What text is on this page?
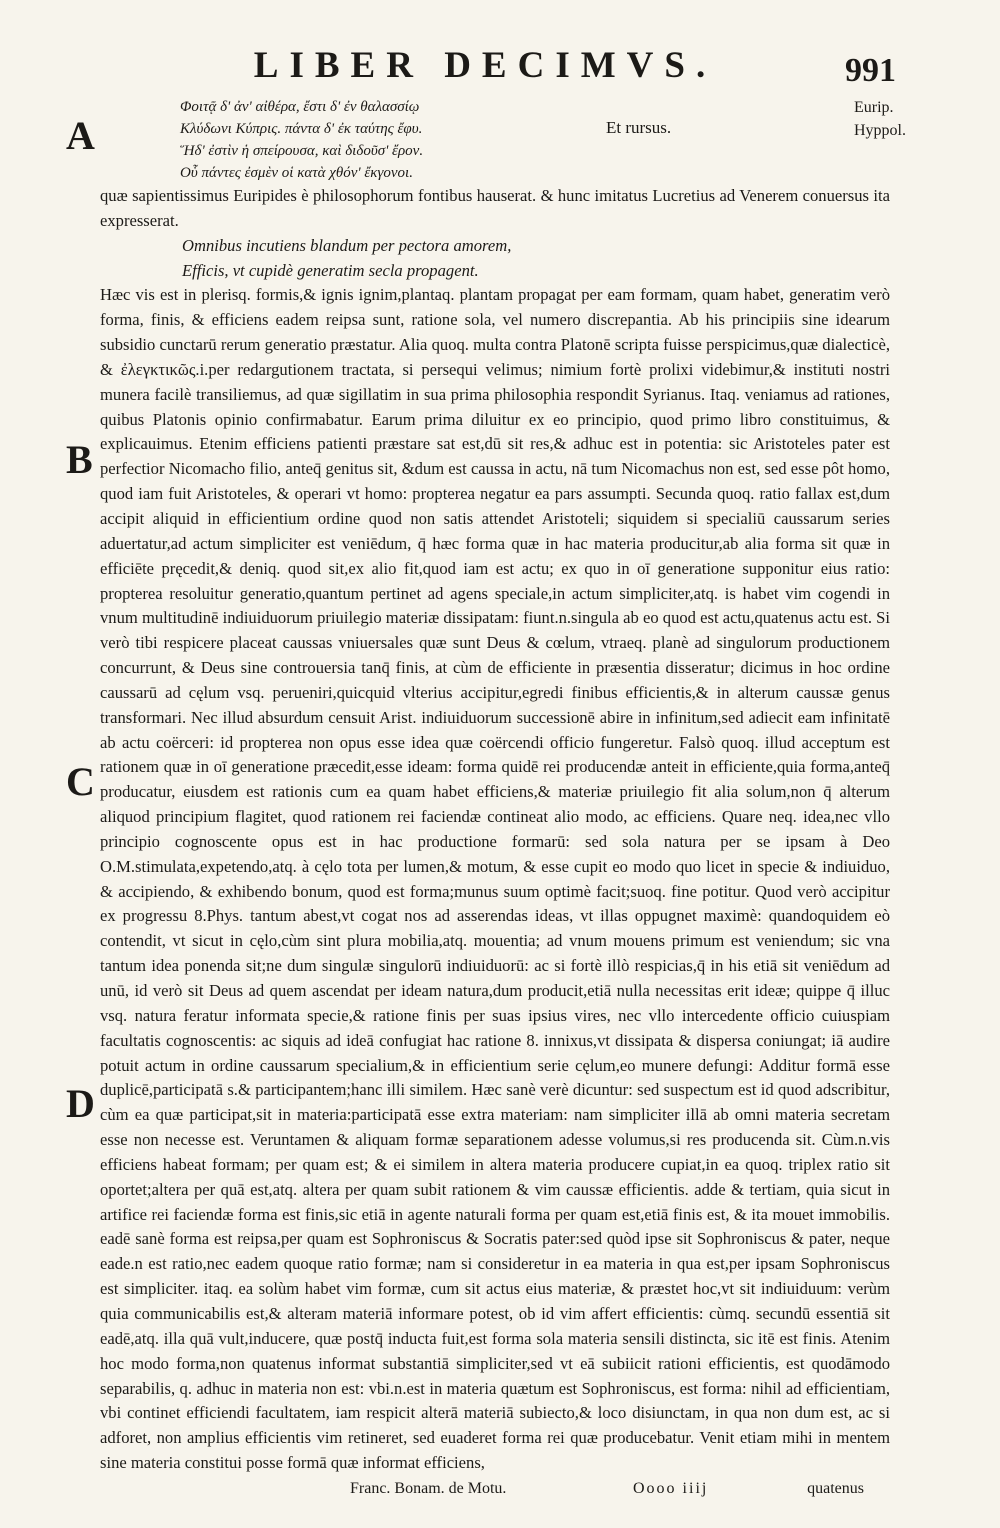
LIBER DECIMVS.	991
A
B
C
D
Eurip.
Hyppol.
Φοιτᾷ δ' ἀν' αἰθέρα, ἔστι δ' ἐν θαλασσίῳ
Κλύδωνι Κύπρις. πάντα δ' ἐκ ταύτης ἔφυ.
Ἥδ' ἐστὶν ἡ σπείρουσα, καὶ διδοῦσ' ἔρον.
Οὗ πάντες ἐσμὲν οἱ κατὰ χθόν' ἔκγονοι.
Et rursus.

quæ sapientissimus Euripides è philosophorum fontibus hauserat. & hunc imitatus Lucretius ad Venerem conuersus ita expresserat.

Omnibus incutiens blandum per pectora amorem,
Efficis, vt cupidè generatim secla propagent.

Hæc vis est in plerisq. formis,& ignis ignim,plantaq. plantam propagat per eam formam, quam habet, generatim verò forma, finis, & efficiens eadem reipsa sunt, ratione sola, vel numero discrepantia. Ab his principiis sine idearum subsidio cunctarū rerum generatio præstatur. Alia quoq. multa contra Platonē scripta fuisse perspicimus,quæ dialecticè, & ἐλεγκτικῶς.i.per redargutionem tractata, si persequi velimus; nimium fortè prolixi videbimur,& instituti nostri munera facilè transiliemus, ad quæ sigillatim in sua prima philosophia respondit Syrianus. Itaq. veniamus ad rationes, quibus Platonis opinio confirmabatur. Earum prima diluitur ex eo principio, quod primo libro constituimus, & explicauimus. Etenim efficiens patienti præstare sat est,dū sit res,& adhuc est in potentia: sic Aristoteles pater est perfectior Nicomacho filio, anteq̄ genitus sit, &dum est caussa in actu, nā tum Nicomachus non est, sed esse pôt homo, quod iam fuit Aristoteles, & operari vt homo: propterea negatur ea pars assumpti. Secunda quoq. ratio fallax est,dum accipit aliquid in efficientium ordine quod non satis attendet Aristoteli; siquidem si specialiū caussarum series aduertatur,ad actum simpliciter est veniēdum, q̄ hæc forma quæ in hac materia producitur,ab alia forma sit quæ in efficiēte pręcedit,& deniq. quod sit,ex alio fit,quod iam est actu; ex quo in oī generatione supponitur eius ratio: propterea resoluitur generatio,quantum pertinet ad agens speciale,in actum simpliciter,atq. is habet vim cogendi in vnum multitudinē indiuiduorum priuilegio materiæ dissipatam: fiunt.n.singula ab eo quod est actu,quatenus actu est. Si verò tibi respicere placeat caussas vniuersales quæ sunt Deus & cœlum, vtraeq. planè ad singulorum productionem concurrunt, & Deus sine controuersia tanq̄ finis, at cùm de efficiente in præsentia disseratur; dicimus in hoc ordine caussarū ad cęlum vsq. perueniri,quicquid vlterius accipitur,egredi finibus efficientis,& in alterum caussæ genus transformari. Nec illud absurdum censuit Arist. indiuiduorum successionē abire in infinitum,sed adiecit eam infinitatē ab actu coërceri: id propterea non opus esse idea quæ coërcendi officio fungeretur. Falsò quoq. illud acceptum est rationem quæ in oī generatione præcedit,esse ideam: forma quidē rei producendæ anteit in efficiente,quia forma,anteq̄ producatur, eiusdem est rationis cum ea quam habet efficiens,& materiæ priuilegio fit alia solum,non q̄ alterum aliquod principium flagitet, quod rationem rei faciendæ contineat alio modo, ac efficiens. Quare neq. idea,nec vllo principio cognoscente opus est in hac productione formarū: sed sola natura per se ipsam à Deo O.M.stimulata,expetendo,atq. à cęlo tota per lumen,& motum, & esse cupit eo modo quo licet in specie & indiuiduo, & accipiendo, & exhibendo bonum, quod est forma;munus suum optimè facit;suoq. fine potitur. Quod verò accipitur ex progressu 8.Phys. tantum abest,vt cogat nos ad asserendas ideas, vt illas oppugnet maximè: quandoquidem eò contendit, vt sicut in cęlo,cùm sint plura mobilia,atq. mouentia; ad vnum mouens primum est veniendum; sic vna tantum idea ponenda sit;ne dum singulæ singulorū indiuiduorū: ac si fortè illò respicias,q̄ in his etiā sit veniēdum ad unū, id verò sit Deus ad quem ascendat per ideam natura,dum producit,etiā nulla necessitas erit ideæ; quippe q̄ illuc vsq. natura feratur informata specie,& ratione finis per suas ipsius vires, nec vllo intercedente officio cuiuspiam facultatis cognoscentis: ac siquis ad ideā confugiat hac ratione 8. innixus,vt dissipata & dispersa coniungat; iā audire potuit actum in ordine caussarum specialium,& in efficientium serie cęlum,eo munere defungi: Additur formā esse duplicē,participatā s.& participantem;hanc illi similem. Hæc sanè verè dicuntur: sed suspectum est id quod adscribitur, cùm ea quæ participat,sit in materia:participatā esse extra materiam: nam simpliciter illā ab omni materia secretam esse non necesse est. Veruntamen & aliquam formæ separationem adesse volumus,si res producenda sit. Cùm.n.vis efficiens habeat formam; per quam est; & ei similem in altera materia producere cupiat,in ea quoq. triplex ratio sit oportet;altera per quā est,atq. altera per quam subit rationem & vim caussæ efficientis. adde & tertiam, quia sicut in artifice rei faciendæ forma est finis,sic etiā in agente naturali forma per quam est,etiā finis est, & ita mouet immobilis. eadē sanè forma est reipsa,per quam est Sophroniscus & Socratis pater:sed quòd ipse sit Sophroniscus & pater, neque eade.n est ratio,nec eadem quoque ratio formæ; nam si consideretur in ea materia in qua est,per ipsam Sophroniscus est simpliciter. itaq. ea solùm habet vim formæ, cum sit actus eius materiæ, & præstet hoc,vt sit indiuiduum: verùm quia communicabilis est,& alteram materiā informare potest, ob id vim affert efficientis: cùmq. secundū essentiā sit eadē,atq. illa quā vult,inducere, quæ postq̄ inducta fuit,est forma sola materia sensili distincta, sic itē est finis. Atenim hoc modo forma,non quatenus informat substantiā simpliciter,sed vt eā subiicit rationi efficientis, est quodāmodo separabilis, q. adhuc in materia non est: vbi.n.est in materia quætum est Sophroniscus, est forma: nihil ad efficientiam, vbi continet efficiendi facultatem, iam respicit alterā materiā subiecto,& loco disiunctam, in qua non dum est, ac si adforet, non amplius efficientis vim retineret, sed euaderet forma rei quæ producebatur. Venit etiam mihi in mentem sine materia constitui posse formā quæ informat efficiens,

Franc. Bonam. de Motu.	Oooo iiij	quatenus
